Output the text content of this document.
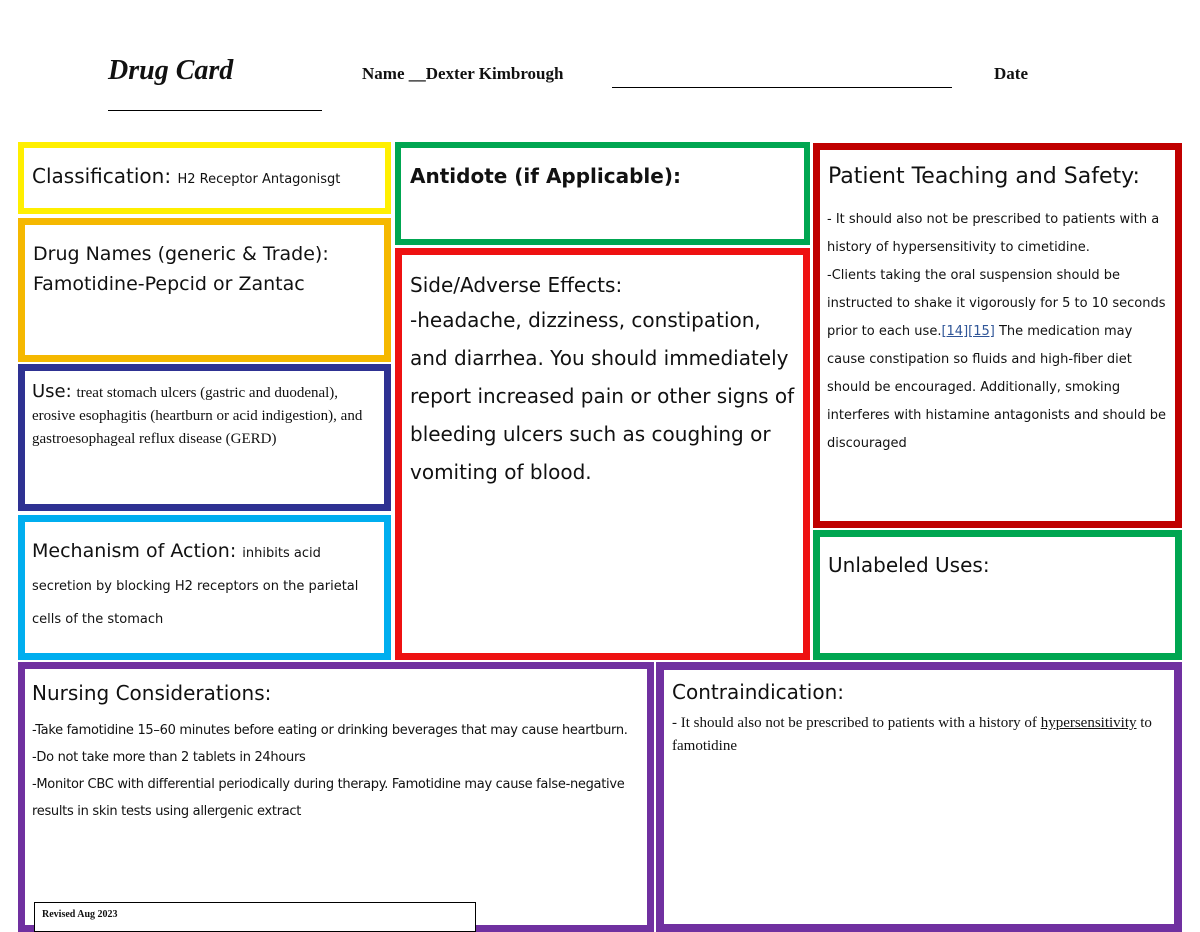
Drug Card	Name __Dexter Kimbrough	Date
Classification: H2 Receptor Antagonisgt
Drug Names (generic & Trade):
Famotidine-Pepcid or Zantac
Use: treat stomach ulcers (gastric and duodenal), erosive esophagitis (heartburn or acid indigestion), and gastroesophageal reflux disease (GERD)
Mechanism of Action: inhibits acid secretion by blocking H2 receptors on the parietal cells of the stomach
Antidote (if Applicable):
Side/Adverse Effects:
-headache, dizziness, constipation, and diarrhea. You should immediately report increased pain or other signs of bleeding ulcers such as coughing or vomiting of blood.
Patient Teaching and Safety:
- It should also not be prescribed to patients with a history of hypersensitivity to cimetidine.
-Clients taking the oral suspension should be instructed to shake it vigorously for 5 to 10 seconds prior to each use.[14][15] The medication may cause constipation so fluids and high-fiber diet should be encouraged. Additionally, smoking interferes with histamine antagonists and should be discouraged
Unlabeled Uses:
Nursing Considerations:
-Take famotidine 15–60 minutes before eating or drinking beverages that may cause heartburn.
-Do not take more than 2 tablets in 24hours
-Monitor CBC with differential periodically during therapy. Famotidine may cause false-negative results in skin tests using allergenic extract
Contraindication:
- It should also not be prescribed to patients with a history of hypersensitivity to famotidine
Revised Aug 2023
